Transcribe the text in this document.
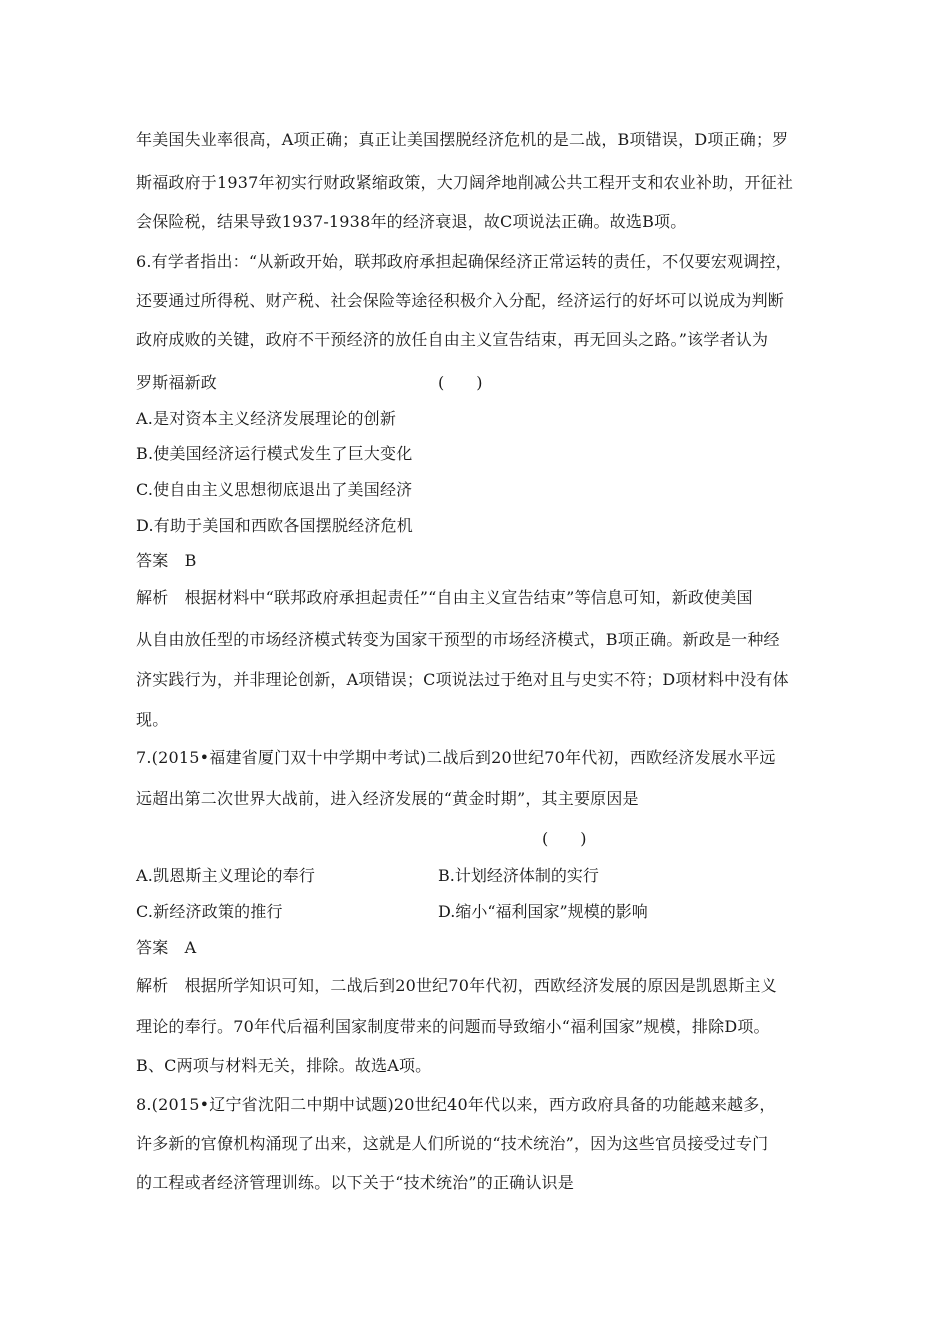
年美国失业率很高，A项正确；真正让美国摆脱经济危机的是二战，B项错误，D项正确；罗
斯福政府于1937年初实行财政紧缩政策，大刀阔斧地削减公共工程开支和农业补助，开征社
会保险税，结果导致1937-1938年的经济衰退，故C项说法正确。故选B项。
6.有学者指出：“从新政开始，联邦政府承担起确保经济正常运转的责任，不仅要宏观调控，
还要通过所得税、财产税、社会保险等途径积极介入分配，经济运行的好坏可以说成为判断
政府成败的关键，政府不干预经济的放任自由主义宣告结束，再无回头之路。”该学者认为
罗斯福新政	(　　)
A.是对资本主义经济发展理论的创新
B.使美国经济运行模式发生了巨大变化
C.使自由主义思想彻底退出了美国经济
D.有助于美国和西欧各国摆脱经济危机
答案　B
解析　根据材料中“联邦政府承担起责任”“自由主义宣告结束”等信息可知，新政使美国
从自由放任型的市场经济模式转变为国家干预型的市场经济模式，B项正确。新政是一种经
济实践行为，并非理论创新，A项错误；C项说法过于绝对且与史实不符；D项材料中没有体
现。
7.(2015•福建省厦门双十中学期中考试)二战后到20世纪70年代初，西欧经济发展水平远
远超出第二次世界大战前，进入经济发展的“黄金时期”，其主要原因是
(　　)
A.凯恩斯主义理论的奉行	B.计划经济体制的实行
C.新经济政策的推行	D.缩小“福利国家”规模的影响
答案　A
解析　根据所学知识可知，二战后到20世纪70年代初，西欧经济发展的原因是凯恩斯主义
理论的奉行。70年代后福利国家制度带来的问题而导致缩小“福利国家”规模，排除D项。
B、C两项与材料无关，排除。故选A项。
8.(2015•辽宁省沈阳二中期中试题)20世纪40年代以来，西方政府具备的功能越来越多，
许多新的官僚机构涌现了出来，这就是人们所说的“技术统治”，因为这些官员接受过专门
的工程或者经济管理训练。以下关于“技术统治”的正确认识是
